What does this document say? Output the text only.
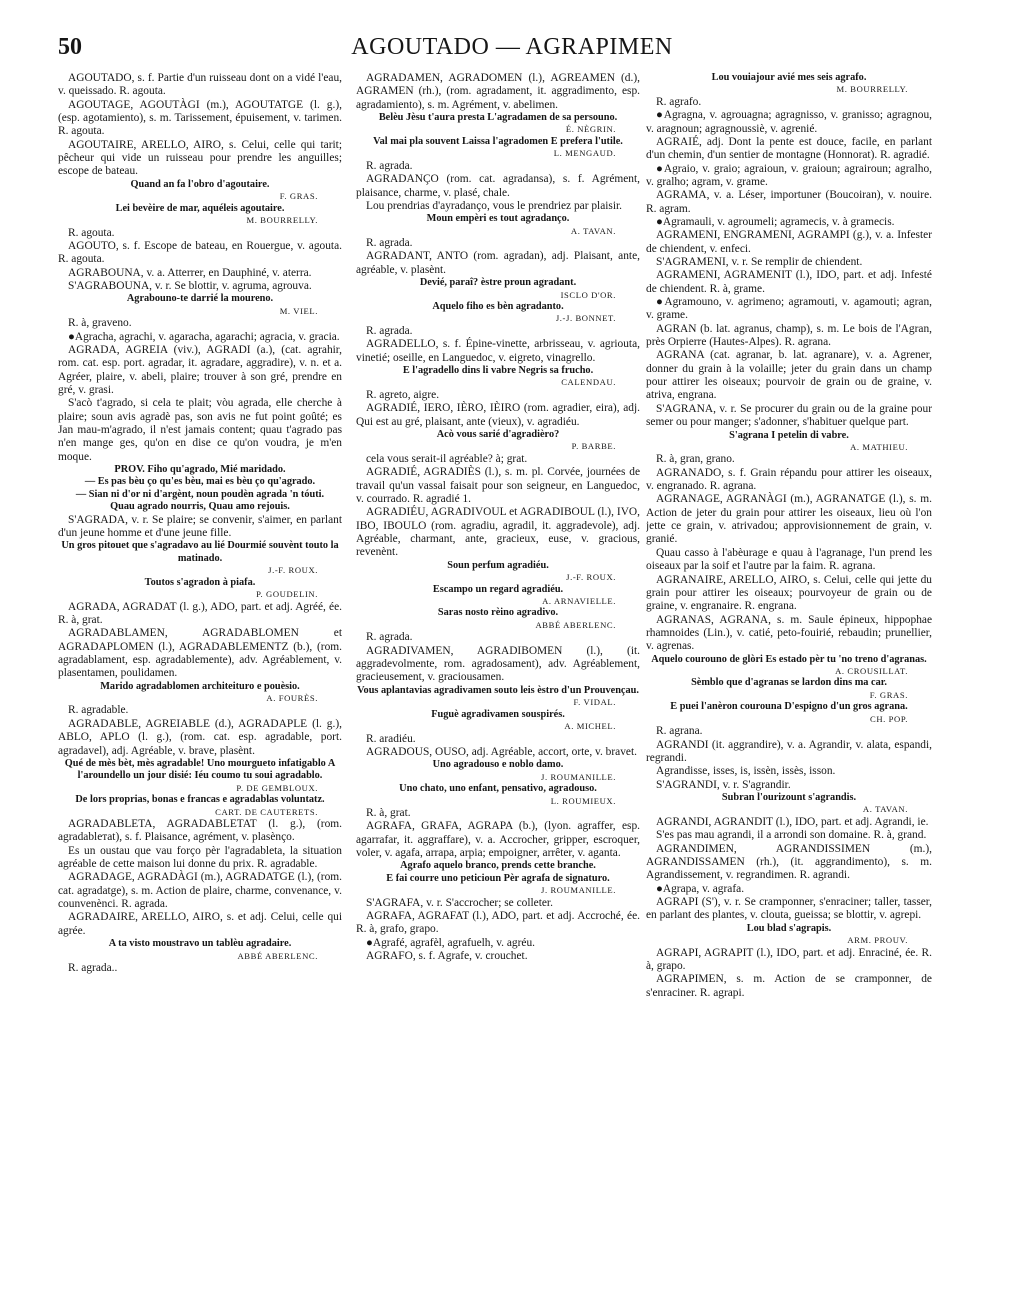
50	AGOUTADO — AGRAPIMEN

AGOUTADO, s. f. Partie d'un ruisseau dont on a vidé l'eau, v. queissado. R. agouta.

AGOUTAGE, AGOUTÀGI (m.), AGOUTATGE (l. g.), (esp. agotamiento), s. m. Tarissement, épuisement, v. tarimen. R. agouta.

AGOUTAIRE, ARELLO, AIRO, s. Celui, celle qui tarit; pêcheur qui vide un ruisseau pour prendre les anguilles; escope de bateau.

Quand an fa l'obro d'agoutaire.

F. GRAS.

Lei bevèire de mar, aquéleis agoutaire.

M. BOURRELLY.

R. agouta.

AGOUTO, s. f. Escope de bateau, en Rouergue, v. agouta. R. agouta.

AGRABOUNA, v. a. Atterrer, en Dauphiné, v. aterra.

S'AGRABOUNA, v. r. Se blottir, v. agruma, agrouva.

Agrabouno-te darrié la moureno.

M. VIEL.

R. à, graveno.

●Agracha, agrachi, v. agaracha, agarachi; agracia, v. gracia.

AGRADA, AGREIA (viv.), AGRADI (a.), (cat. agrahir, rom. cat. esp. port. agradar, it. agradare, aggradire), v. n. et a. Agréer, plaire, v. abeli, plaire; trouver à son gré, prendre en gré, v. grasi.

S'acò t'agrado, si cela te plait; vòu agrada, elle cherche à plaire; soun avis agradè pas, son avis ne fut point goûté; es Jan mau-m'agrado, il n'est jamais content; quau t'agrado pas n'en mange ges, qu'on en dise ce qu'on voudra, je m'en moque.

PROV. Fiho qu'agrado, Mié maridado.

— Es pas bèu ço qu'es bèu, mai es bèu ço qu'agrado.

— Sian ni d'or ni d'argènt, noun poudèn agrada 'n tóuti.

Quau agrado nourris, Quau amo rejouis.

S'AGRADA, v. r. Se plaire; se convenir, s'aimer, en parlant d'un jeune homme et d'une jeune fille.

Un gros pitouet que s'agradavo au lié Dourmié souvènt touto la matinado.

J.-F. ROUX.

Toutos s'agradon à piafa.

P. GOUDELIN.

AGRADA, AGRADAT (l. g.), ADO, part. et adj. Agréé, ée. R. à, grat.

AGRADABLAMEN, AGRADABLOMEN et AGRADAPLOMEN (l.), AGRADABLEMENTZ (b.), (rom. agradablament, esp. agradablemente), adv. Agréablement, v. plasentamen, poulidamen.

Marido agradablomen architeituro e pouèsio.

A. FOURÈS.

R. agradable.

AGRADABLE, AGREIABLE (d.), AGRADAPLE (l. g.), ABLO, APLO (l. g.), (rom. cat. esp. agradable, port. agradavel), adj. Agréable, v. brave, plasènt.

Qué de mès bèt, mès agradable! Uno mourgueto infatigablo A l'aroundello un jour disié: Iéu coumo tu soui agradablo.

P. DE GEMBLOUX.

De lors proprias, bonas e francas e agradablas voluntatz.

CART. DE CAUTERETS.

AGRADABLETA, AGRADABLETAT (l. g.), (rom. agradableтat), s. f. Plaisance, agrément, v. plasènço.

Es un oustau que vau forço pèr l'agradableta, la situation agréable de cette maison lui donne du prix. R. agradable.

AGRADAGE, AGRADÀGI (m.), AGRADATGE (l.), (rom. cat. agradatge), s. m. Action de plaire, charme, convenance, v. counvenènci. R. agrada.

AGRADAIRE, ARELLO, AIRO, s. et adj. Celui, celle qui agrée.

A ta visto moustravo un tablèu agradaire.

ABBÉ ABERLENC.

R. agrada..

AGRADAMEN, AGRADOMEN (l.), AGREAMEN (d.), AGRAMEN (rh.), (rom. agradament, it. aggradimento, esp. agradamiento), s. m. Agrément, v. abelimen.

Belèu Jèsu t'aura presta L'agradamen de sa persouno.

É. NÈGRIN.

Val mai pla souvent Laissa l'agradomen E prefera l'utile.

L. MENGAUD.

R. agrada.

AGRADANÇO (rom. cat. agradansa), s. f. Agrément, plaisance, charme, v. plasé, chale.

Lou prendrias d'ayradanço, vous le prendriez par plaisir.

Moun empèri es tout agradanço.

A. TAVAN.

R. agrada.

AGRADANT, ANTO (rom. agradan), adj. Plaisant, ante, agréable, v. plasènt.

Devié, paraî? èstre proun agradant.

ISCLO D'OR.

Aquelo fiho es bèn agradanto.

J.-J. BONNET.

R. agrada.

AGRADELLO, s. f. Épine-vinette, arbrisseau, v. agriouta, vinetié; oseille, en Languedoc, v. eigreto, vinagrello.

E l'agradello dins li vabre Negris sa frucho.

CALENDAU.

R. agreto, aigre.

AGRADIÉ, IERO, IÈRO, IÈIRO (rom. agradier, eira), adj. Qui est au gré, plaisant, ante (vieux), v. agradiéu.

Acò vous sarié d'agradièro?

P. BARBE.

cela vous serait-il agréable? à; grat.

AGRADIÉ, AGRADIÈS (l.), s. m. pl. Corvée, journées de travail qu'un vassal faisait pour son seigneur, en Languedoc, v. courrado. R. agradié 1.

AGRADIÉU, AGRADIVOUL et AGRADIBOUL (l.), IVO, IBO, IBOULO (rom. agradiu, agradil, it. aggradevole), adj. Agréable, charmant, ante, gracieux, euse, v. gracious, revenènt.

Soun perfum agradiéu.

J.-F. ROUX.

Escampo un regard agradiéu.

A. ARNAVIELLE.

Saras nosto rèino agradivo.

ABBÉ ABERLENC.

R. agrada.

AGRADIVAMEN, AGRADIBOMEN (l.), (it. aggradevolmente, rom. agradosament), adv. Agréablement, gracieusement, v. graciousamen.

Vous aplantavias agradivamen souto leis èstro d'un Prouvençau.

F. VIDAL.

Fuguè agradivamen souspirés.

A. MICHEL.

R. aradiéu.

AGRADOUS, OUSO, adj. Agréable, accort, orte, v. bravet.

Uno agradouso e noblo damo.

J. ROUMANILLE.

Uno chato, uno enfant, pensativo, agradouso.

L. ROUMIEUX.

R. à, grat.

AGRAFA, GRAFA, AGRAPA (b.), (lyon. agraffer, esp. agarrafar, it. aggraffare), v. a. Accrocher, gripper, escroquer, voler, v. agafa, arrapa, arpia; empoigner, arrêter, v. aganta.

Agrafo aquelo branco, prends cette branche.

E fai courre uno peticioun Pèr agrafa de signaturo.

J. ROUMANILLE.

S'AGRAFA, v. r. S'accrocher; se colleter.

AGRAFA, AGRAFAT (l.), ADO, part. et adj. Accroché, ée. R. à, grafo, grapo.

●Agrafé, agrafèl, agrafuelh, v. agréu.

AGRAFO, s. f. Agrafe, v. crouchet.

Lou vouiajour avié mes seis agrafo.

M. BOURRELLY.

R. agrafo.

●Agragna, v. agrouagna; agragnisso, v. granisso; agragnou, v. aragnoun; agragnoussiè, v. agrenié.

AGRAIÉ, adj. Dont la pente est douce, facile, en parlant d'un chemin, d'un sentier de montagne (Honnorat). R. agradié.

●Agraio, v. graio; agraioun, v. graioun; agrairoun; agralho, v. gralho; agram, v. grame.

AGRAMA, v. a. Léser, importuner (Boucoiran), v. nouire. R. agram.

●Agramauli, v. agroumeli; agramecis, v. à gramecis.

AGRAMENI, ENGRAMENI, AGRAMPI (g.), v. a. Infester de chiendent, v. enfeci.

S'AGRAMENI, v. r. Se remplir de chiendent.

AGRAMENI, AGRAMENIT (l.), IDO, part. et adj. Infesté de chiendent. R. à, grame.

●Agramouno, v. agrimeno; agramouti, v. agamouti; agran, v. grame.

AGRAN (b. lat. agranus, champ), s. m. Le bois de l'Agran, près Orpierre (Hautes-Alpes). R. agrana.

AGRANA (cat. agranar, b. lat. agranare), v. a. Agrener, donner du grain à la volaille; jeter du grain dans un champ pour attirer les oiseaux; pourvoir de grain ou de graine, v. atriva, engrana.

S'AGRANA, v. r. Se procurer du grain ou de la graine pour semer ou pour manger; s'adonner, s'habituer quelque part.

S'agrana I petelin di vabre.

A. MATHIEU.

R. à, gran, grano.

AGRANADO, s. f. Grain répandu pour attirer les oiseaux, v. engranado. R. agrana.

AGRANAGE, AGRANÀGI (m.), AGRANATGE (l.), s. m. Action de jeter du grain pour attirer les oiseaux, lieu où l'on jette ce grain, v. atrivadou; approvisionnement de grain, v. granié.

Quau casso à l'abèurage e quau à l'agranage, l'un prend les oiseaux par la soif et l'autre par la faim. R. agrana.

AGRANAIRE, ARELLO, AIRO, s. Celui, celle qui jette du grain pour attirer les oiseaux; pourvoyeur de grain ou de graine, v. engranaire. R. engrana.

AGRANAS, AGRANA, s. m. Saule épineux, hippophae rhamnoides (Lin.), v. catié, peto-fouirié, rebaudin; prunellier, v. agrenas.

Aquelo courouno de glòri Es estado pèr tu 'no treno d'agranas.

A. CROUSILLAT.

Sèmblo que d'agranas se lardon dins ma car.

F. GRAS.

E puei l'anèron courouna D'espigno d'un gros agrana.

CH. POP.

R. agrana.

AGRANDI (it. aggrandire), v. a. Agrandir, v. alata, espandi, regrandi.

Agrandisse, isses, is, issèn, issès, isson.

S'AGRANDI, v. r. S'agrandir.

Subran l'ourizount s'agrandis.

A. TAVAN.

AGRANDI, AGRANDIT (l.), IDO, part. et adj. Agrandi, ie.

S'es pas mau agrandi, il a arrondi son domaine. R. à, grand.

AGRANDIMEN, AGRANDISSIMEN (m.), AGRANDISSAMEN (rh.), (it. aggrandimento), s. m. Agrandissement, v. regrandimen. R. agrandi.

●Agrapa, v. agrafa.

AGRAPI (S'), v. r. Se cramponner, s'enraciner; taller, tasser, en parlant des plantes, v. clouta, gueissa; se blottir, v. agrepi.

Lou blad s'agrapis.

ARM. PROUV.

AGRAPI, AGRAPIT (l.), IDO, part. et adj. Enraciné, ée. R. à, grapo.

AGRAPIMEN, s. m. Action de se cramponner, de s'enraciner. R. agrapi.
